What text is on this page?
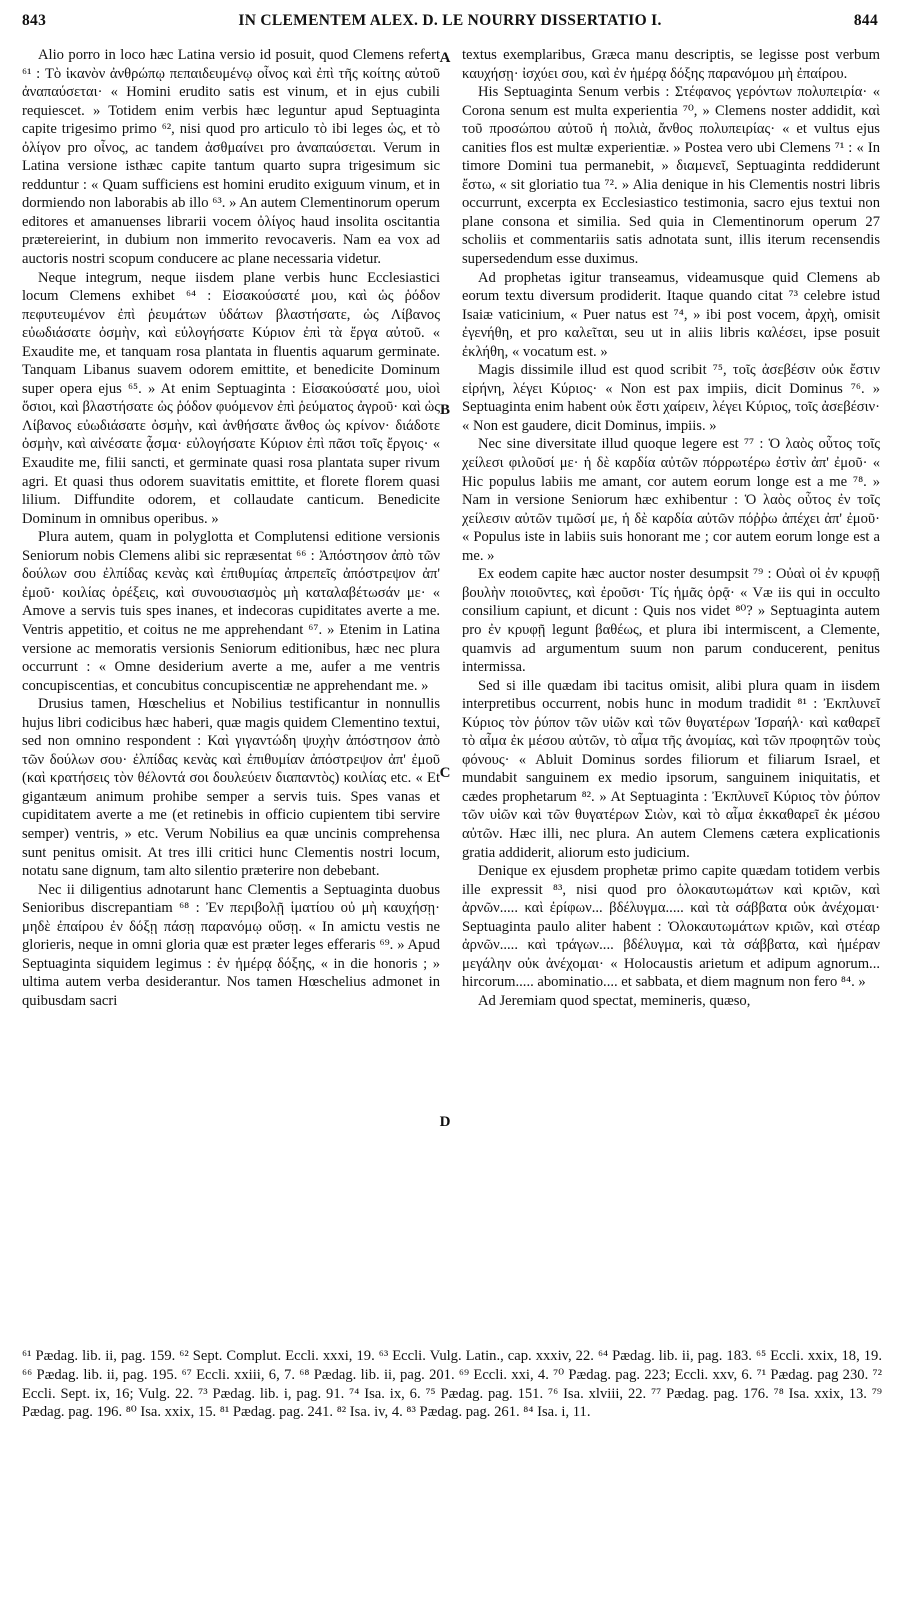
843	IN CLEMENTEM ALEX. D. LE NOURRY DISSERTATIO I.	844

Alio porro in loco hæc Latina versio id posuit, quod Clemens refert ⁶¹ : Τὸ ἱκανὸν ἀνθρώπῳ πεπαιδευμένῳ οἶνος καὶ ἐπὶ τῆς κοίτης αὐτοῦ ἀναπαύσεται· « Homini erudito satis est vinum, et in ejus cubili requiescet. » Totidem enim verbis hæc leguntur apud Septuaginta capite trigesimo primo ⁶², nisi quod pro articulo τὸ ibi leges ὡς, et τὸ ὀλίγον pro οἶνος, ac tandem ἀσθμαίνει pro ἀναπαύσεται. Verum in Latina versione isthæc capite tantum quarto supra trigesimum sic redduntur : « Quam sufficiens est homini erudito exiguum vinum, et in dormiendo non laborabis ab illo ⁶³. » An autem Clementinorum operum editores et amanuenses librarii vocem ὀλίγος haud insolita oscitantia prætereierint, in dubium non immerito revocaveris. Nam ea vox ad auctoris nostri scopum conducere ac plane necessaria videtur.

Neque integrum, neque iisdem plane verbis hunc Ecclesiastici locum Clemens exhibet ⁶⁴ : Εἰσακούσατέ μου, καὶ ὡς ῥόδον πεφυτευμένον ἐπὶ ῥευμάτων ὑδάτων βλαστήσατε, ὡς Λίβανος εὐωδιάσατε ὀσμὴν, καὶ εὐλογήσατε Κύριον ἐπὶ τὰ ἔργα αὐτοῦ. « Exaudite me, et tanquam rosa plantata in fluentis aquarum germinate. Tanquam Libanus suavem odorem emittite, et benedicite Dominum super opera ejus ⁶⁵. » At enim Septuaginta : Εἰσακούσατέ μου, υἱοὶ ὅσιοι, καὶ βλαστήσατε ὡς ῥόδον φυόμενον ἐπὶ ῥεύματος ἀγροῦ· καὶ ὡς Λίβανος εὐωδιάσατε ὀσμὴν, καὶ ἀνθήσατε ἄνθος ὡς κρίνον· διάδοτε ὀσμὴν, καὶ αἰνέσατε ᾆσμα· εὐλογήσατε Κύριον ἐπὶ πᾶσι τοῖς ἔργοις· « Exaudite me, filii sancti, et germinate quasi rosa plantata super rivum agri. Et quasi thus odorem suavitatis emittite, et florete florem quasi lilium. Diffundite odorem, et collaudate canticum. Benedicite Dominum in omnibus operibus. »

Plura autem, quam in polyglotta et Complutensi editione versionis Seniorum nobis Clemens alibi sic repræsentat ⁶⁶ : Ἀπόστησον ἀπὸ τῶν δούλων σου ἐλπίδας κενὰς καὶ ἐπιθυμίας ἀπρεπεῖς ἀπόστρεψον ἀπ' ἐμοῦ· κοιλίας ὀρέξεις, καὶ συνουσιασμὸς μὴ καταλαβέτωσάν με· « Amove a servis tuis spes inanes, et indecoras cupiditates averte a me. Ventris appetitio, et coitus ne me apprehendant ⁶⁷. » Etenim in Latina versione ac memoratis versionis Seniorum editionibus, hæc nec plura occurrunt : « Omne desiderium averte a me, aufer a me ventris concupiscentias, et concubitus concupiscentiæ ne apprehendant me. »

Drusius tamen, Hœschelius et Nobilius testificantur in nonnullis hujus libri codicibus hæc haberi, quæ magis quidem Clementino textui, sed non omnino respondent : Καὶ γιγαντώδη ψυχὴν ἀπόστησον ἀπὸ τῶν δούλων σου· ἐλπίδας κενὰς καὶ ἐπιθυμίαν ἀπόστρεψον ἀπ' ἐμοῦ (καὶ κρατήσεις τὸν θέλοντά σοι δουλεύειν διαπαντὸς) κοιλίας etc. « Et gigantæum animum prohibe semper a servis tuis. Spes vanas et cupiditatem averte a me (et retinebis in officio cupientem tibi servire semper) ventris, » etc. Verum Nobilius ea quæ uncinis comprehensa sunt penitus omisit. At tres illi critici hunc Clementis nostri locum, notatu sane dignum, tam alto silentio præterire non debebant.

Nec ii diligentius adnotarunt hanc Clementis a Septuaginta duobus Senioribus discrepantiam ⁶⁸ : Ἐν περιβολῇ ἱματίου οὐ μὴ καυχήσῃ· μηδὲ ἐπαίρου ἐν δόξῃ πάσῃ παρανόμῳ οὔσῃ. « In amictu vestis ne glorieris, neque in omni gloria quæ est præter leges efferaris ⁶⁹. » Apud Septuaginta siquidem legimus : ἐν ἡμέρᾳ δόξης, « in die honoris ; » ultima autem verba desiderantur. Nos tamen Hœschelius admonet in quibusdam sacri

A
B
C
D

textus exemplaribus, Græca manu descriptis, se legisse post verbum καυχήσῃ· ἰσχύει σου, καὶ ἐν ἡμέρᾳ δόξης παρανόμου μὴ ἐπαίρου.

His Septuaginta Senum verbis : Στέφανος γερόντων πολυπειρία· « Corona senum est multa experientia ⁷⁰, » Clemens noster addidit, καὶ τοῦ προσώπου αὐτοῦ ἡ πολιὰ, ἄνθος πολυπειρίας· « et vultus ejus canities flos est multæ experientiæ. » Postea vero ubi Clemens ⁷¹ : « In timore Domini tua permanebit, » διαμενεῖ, Septuaginta reddiderunt ἔστω, « sit gloriatio tua ⁷². » Alia denique in his Clementis nostri libris occurrunt, excerpta ex Ecclesiastico testimonia, sacro ejus textui non plane consona et similia. Sed quia in Clementinorum operum 27 scholiis et commentariis satis adnotata sunt, illis iterum recensendis supersedendum esse duximus.

Ad prophetas igitur transeamus, videamusque quid Clemens ab eorum textu diversum prodiderit. Itaque quando citat ⁷³ celebre istud Isaiæ vaticinium, « Puer natus est ⁷⁴, » ibi post vocem, ἀρχὴ, omisit ἐγενήθη, et pro καλεῖται, seu ut in aliis libris καλέσει, ipse posuit ἐκλήθη, « vocatum est. »

Magis dissimile illud est quod scribit ⁷⁵, τοῖς ἀσεβέσιν οὐκ ἔστιν εἰρήνη, λέγει Κύριος· « Non est pax impiis, dicit Dominus ⁷⁶. » Septuaginta enim habent οὐκ ἔστι χαίρειν, λέγει Κύριος, τοῖς ἀσεβέσιν· « Non est gaudere, dicit Dominus, impiis. »

Nec sine diversitate illud quoque legere est ⁷⁷ : Ὁ λαὸς οὗτος τοῖς χείλεσι φιλοῦσί με· ἡ δὲ καρδία αὐτῶν πόρρωτέρω ἐστὶν ἀπ' ἐμοῦ· « Hic populus labiis me amant, cor autem eorum longe est a me ⁷⁸. » Nam in versione Seniorum hæc exhibentur : Ὁ λαὸς οὗτος ἐν τοῖς χείλεσιν αὐτῶν τιμῶσί με, ἡ δὲ καρδία αὐτῶν πόῤῥω ἀπέχει ἀπ' ἐμοῦ· « Populus iste in labiis suis honorant me ; cor autem eorum longe est a me. »

Ex eodem capite hæc auctor noster desumpsit ⁷⁹ : Οὐαὶ οἱ ἐν κρυφῇ βουλὴν ποιοῦντες, καὶ ἐροῦσι· Τίς ἡμᾶς ὁρᾷ· « Væ iis qui in occulto consilium capiunt, et dicunt : Quis nos videt ⁸⁰? » Septuaginta autem pro ἐν κρυφῇ legunt βαθέως, et plura ibi intermiscent, a Clemente, quamvis ad argumentum suum non parum conducerent, penitus intermissa.

Sed si ille quædam ibi tacitus omisit, alibi plura quam in iisdem interpretibus occurrent, nobis hunc in modum tradidit ⁸¹ : Ἐκπλυνεῖ Κύριος τὸν ῥύπον τῶν υἱῶν καὶ τῶν θυγατέρων Ἰσραήλ· καὶ καθαρεῖ τὸ αἷμα ἐκ μέσου αὐτῶν, τὸ αἷμα τῆς ἀνομίας, καὶ τῶν προφητῶν τοὺς φόνους· « Abluit Dominus sordes filiorum et filiarum Israel, et mundabit sanguinem ex medio ipsorum, sanguinem iniquitatis, et cædes prophetarum ⁸². » At Septuaginta : Ἐκπλυνεῖ Κύριος τὸν ῥύπον τῶν υἱῶν καὶ τῶν θυγατέρων Σιὼν, καὶ τὸ αἷμα ἐκκαθαρεῖ ἐκ μέσου αὐτῶν. Hæc illi, nec plura. An autem Clemens cætera explicationis gratia addiderit, aliorum esto judicium.

Denique ex ejusdem prophetæ primo capite quædam totidem verbis ille expressit ⁸³, nisi quod pro ὁλοκαυτωμάτων καὶ κριῶν, καὶ ἀρνῶν..... καὶ ἐρίφων... βδέλυγμα..... καὶ τὰ σάββατα οὐκ ἀνέχομαι· Septuaginta paulo aliter habent : Ὁλοκαυτωμάτων κριῶν, καὶ στέαρ ἀρνῶν..... καὶ τράγων.... βδέλυγμα, καὶ τὰ σάββατα, καὶ ἡμέραν μεγάλην οὐκ ἀνέχομαι· « Holocaustis arietum et adipum agnorum... hircorum..... abominatio.... et sabbata, et diem magnum non fero ⁸⁴. »

Ad Jeremiam quod spectat, memineris, quæso,

⁶¹ Pædag. lib. ii, pag. 159. ⁶² Sept. Complut. Eccli. xxxi, 19. ⁶³ Eccli. Vulg. Latin., cap. xxxiv, 22. ⁶⁴ Pædag. lib. ii, pag. 183. ⁶⁵ Eccli. xxix, 18, 19. ⁶⁶ Pædag. lib. ii, pag. 195. ⁶⁷ Eccli. xxiii, 6, 7. ⁶⁸ Pædag. lib. ii, pag. 201. ⁶⁹ Eccli. xxi, 4. ⁷⁰ Pædag. pag. 223; Eccli. xxv, 6. ⁷¹ Pædag. pag 230. ⁷² Eccli. Sept. ix, 16; Vulg. 22. ⁷³ Pædag. lib. i, pag. 91. ⁷⁴ Isa. ix, 6. ⁷⁵ Pædag. pag. 151. ⁷⁶ Isa. xlviii, 22. ⁷⁷ Pædag. pag. 176. ⁷⁸ Isa. xxix, 13. ⁷⁹ Pædag. pag. 196. ⁸⁰ Isa. xxix, 15. ⁸¹ Pædag. pag. 241. ⁸² Isa. iv, 4. ⁸³ Pædag. pag. 261. ⁸⁴ Isa. i, 11.
